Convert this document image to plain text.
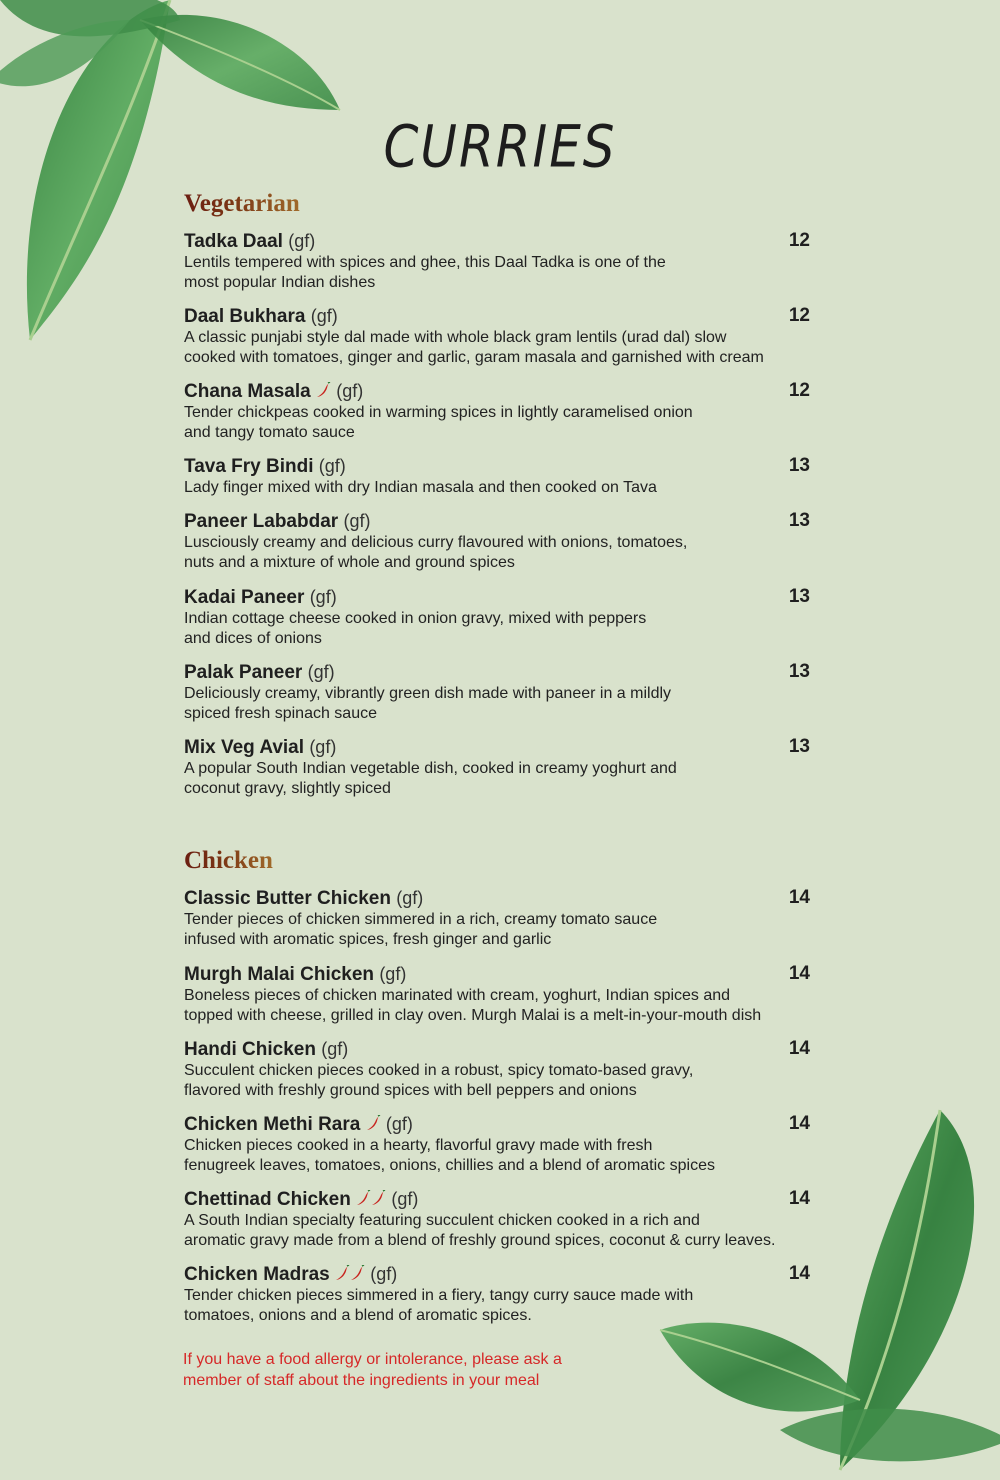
CURRIES
Vegetarian
Tadka Daal (gf)	12
Lentils tempered with spices and ghee, this Daal Tadka is one of the
most popular Indian dishes
Daal Bukhara (gf)	12
A classic punjabi style dal made with whole black gram lentils (urad dal) slow
cooked with tomatoes, ginger and garlic, garam masala and garnished with cream
Chana Masala (gf)	12
Tender chickpeas cooked in warming spices in lightly caramelised onion
and tangy tomato sauce
Tava Fry Bindi (gf)	13
Lady finger mixed with dry Indian masala and then cooked on Tava
Paneer Lababdar (gf)	13
Lusciously creamy and delicious curry flavoured with onions, tomatoes,
nuts and a mixture of whole and ground spices
Kadai Paneer (gf)	13
Indian cottage cheese cooked in onion gravy, mixed with peppers
and dices of onions
Palak Paneer (gf)	13
Deliciously creamy, vibrantly green dish made with paneer in a mildly
spiced fresh spinach sauce
Mix Veg Avial (gf)	13
A popular South Indian vegetable dish, cooked in creamy yoghurt and
coconut gravy, slightly spiced
Chicken
Classic Butter Chicken (gf)	14
Tender pieces of chicken simmered in a rich, creamy tomato sauce
infused with aromatic spices, fresh ginger and garlic
Murgh Malai Chicken (gf)	14
Boneless pieces of chicken marinated with cream, yoghurt, Indian spices and
topped with cheese, grilled in clay oven. Murgh Malai is a melt-in-your-mouth dish
Handi Chicken (gf)	14
Succulent chicken pieces cooked in a robust, spicy tomato-based gravy,
flavored with freshly ground spices with bell peppers and onions
Chicken Methi Rara (gf)	14
Chicken pieces cooked in a hearty, flavorful gravy made with fresh
fenugreek leaves, tomatoes, onions, chillies and a blend of aromatic spices
Chettinad Chicken (gf)	14
A South Indian specialty featuring succulent chicken cooked in a rich and
aromatic gravy made from a blend of freshly ground spices, coconut & curry leaves.
Chicken Madras (gf)	14
Tender chicken pieces simmered in a fiery, tangy curry sauce made with
tomatoes, onions and a blend of aromatic spices.
If you have a food allergy or intolerance, please ask a
member of staff about the ingredients in your meal
